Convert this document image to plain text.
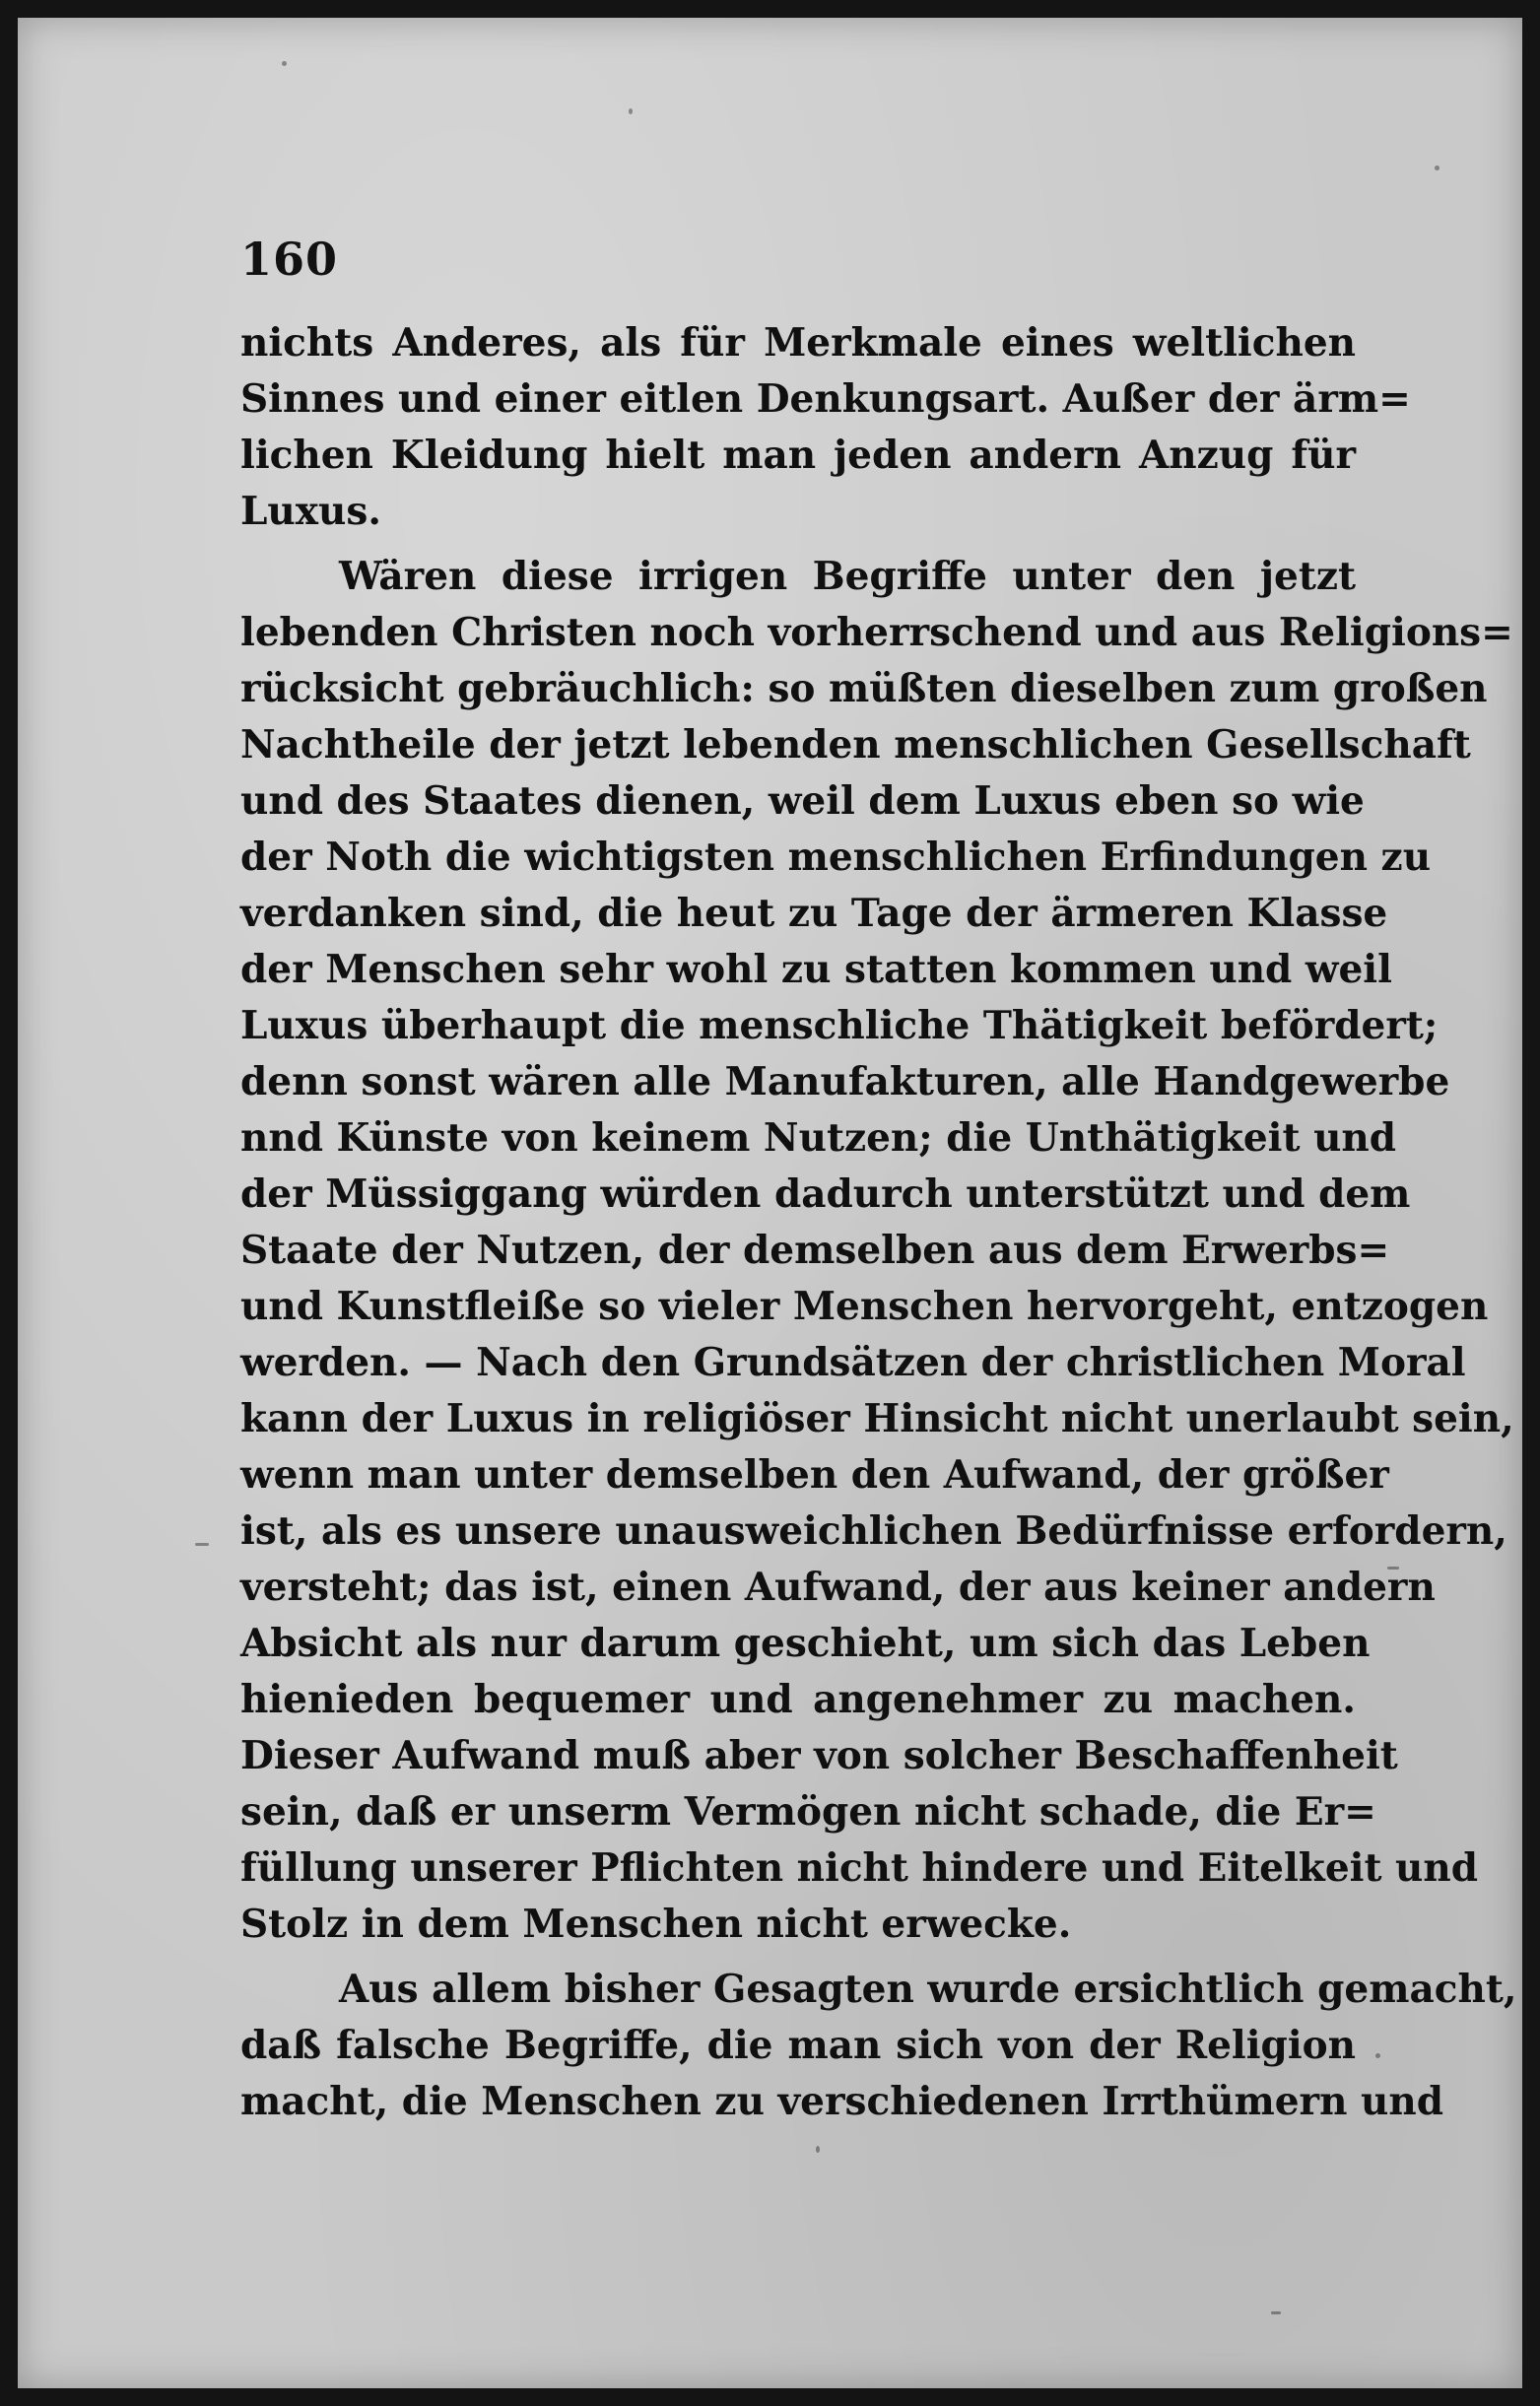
160
nichts Anderes, als für Merkmale eines weltlichen
Sinnes und einer eitlen Denkungsart. Außer der ärm=
lichen Kleidung hielt man jeden andern Anzug für
Luxus.
Wären diese irrigen Begriffe unter den jetzt
lebenden Christen noch vorherrschend und aus Religions=
rücksicht gebräuchlich: so müßten dieselben zum großen
Nachtheile der jetzt lebenden menschlichen Gesellschaft
und des Staates dienen, weil dem Luxus eben so wie
der Noth die wichtigsten menschlichen Erfindungen zu
verdanken sind, die heut zu Tage der ärmeren Klasse
der Menschen sehr wohl zu statten kommen und weil
Luxus überhaupt die menschliche Thätigkeit befördert;
denn sonst wären alle Manufakturen, alle Handgewerbe
nnd Künste von keinem Nutzen; die Unthätigkeit und
der Müssiggang würden dadurch unterstützt und dem
Staate der Nutzen, der demselben aus dem Erwerbs=
und Kunstfleiße so vieler Menschen hervorgeht, entzogen
werden. — Nach den Grundsätzen der christlichen Moral
kann der Luxus in religiöser Hinsicht nicht unerlaubt sein,
wenn man unter demselben den Aufwand, der größer
ist, als es unsere unausweichlichen Bedürfnisse erfordern,
versteht; das ist, einen Aufwand, der aus keiner andern
Absicht als nur darum geschieht, um sich das Leben
hienieden bequemer und angenehmer zu machen.
Dieser Aufwand muß aber von solcher Beschaffenheit
sein, daß er unserm Vermögen nicht schade, die Er=
füllung unserer Pflichten nicht hindere und Eitelkeit und
Stolz in dem Menschen nicht erwecke.
Aus allem bisher Gesagten wurde ersichtlich gemacht,
daß falsche Begriffe, die man sich von der Religion
macht, die Menschen zu verschiedenen Irrthümern und
